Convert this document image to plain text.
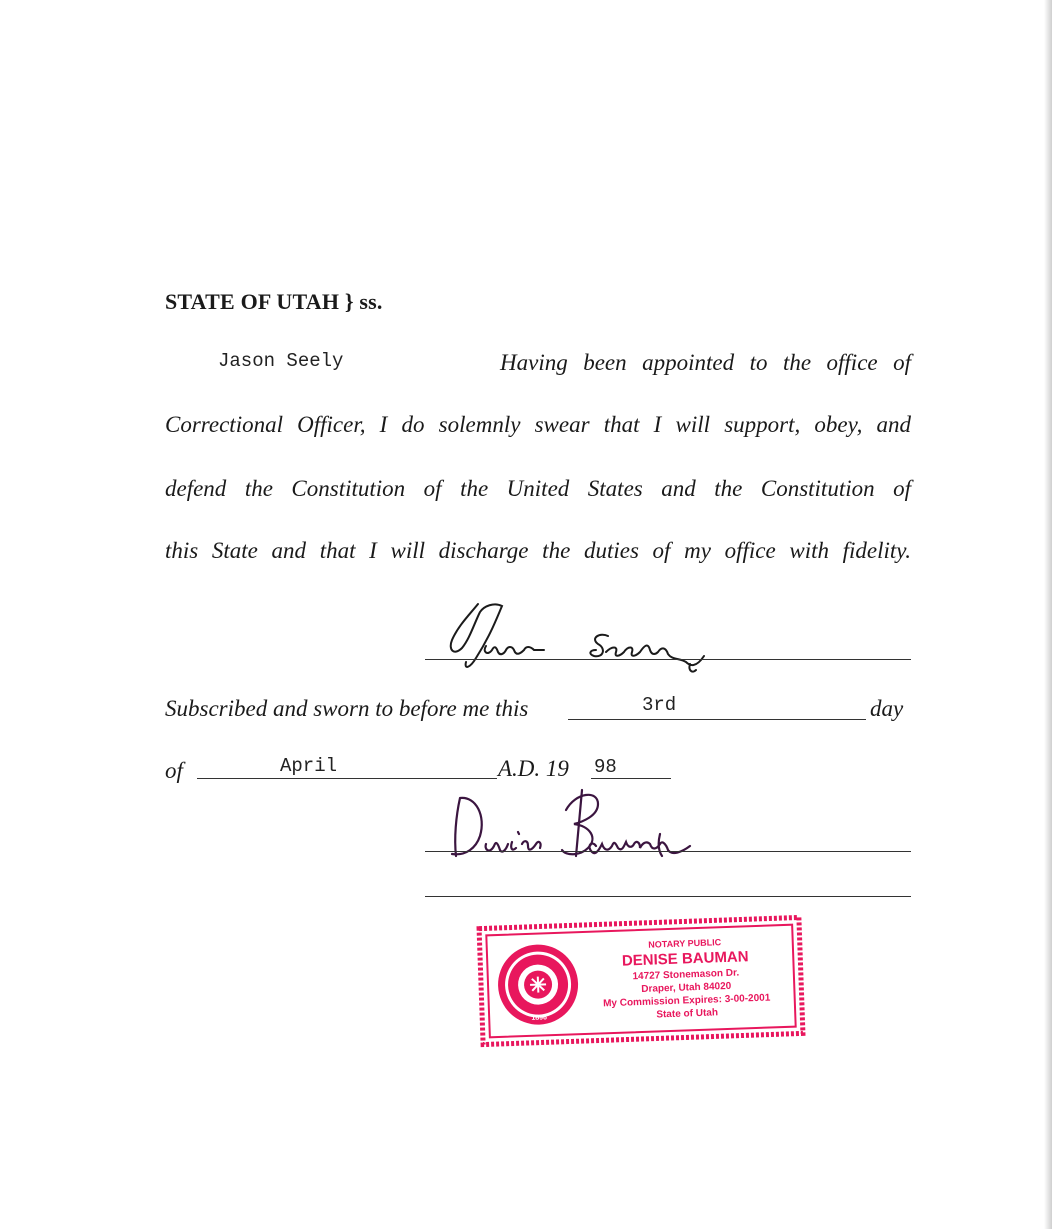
STATE OF UTAH } ss.
Jason Seely	Having been appointed to the office of
Correctional Officer, I do solemnly swear that I will support, obey, and
defend the Constitution of the United States and the Constitution of
this State and that I will discharge the duties of my office with fidelity.
Subscribed and sworn to before me this	3rd	day
of	April	A.D. 19 98
1896
NOTARY PUBLIC
DENISE BAUMAN
14727 Stonemason Dr.
Draper, Utah 84020
My Commission Expires: 3-00-2001
State of Utah
